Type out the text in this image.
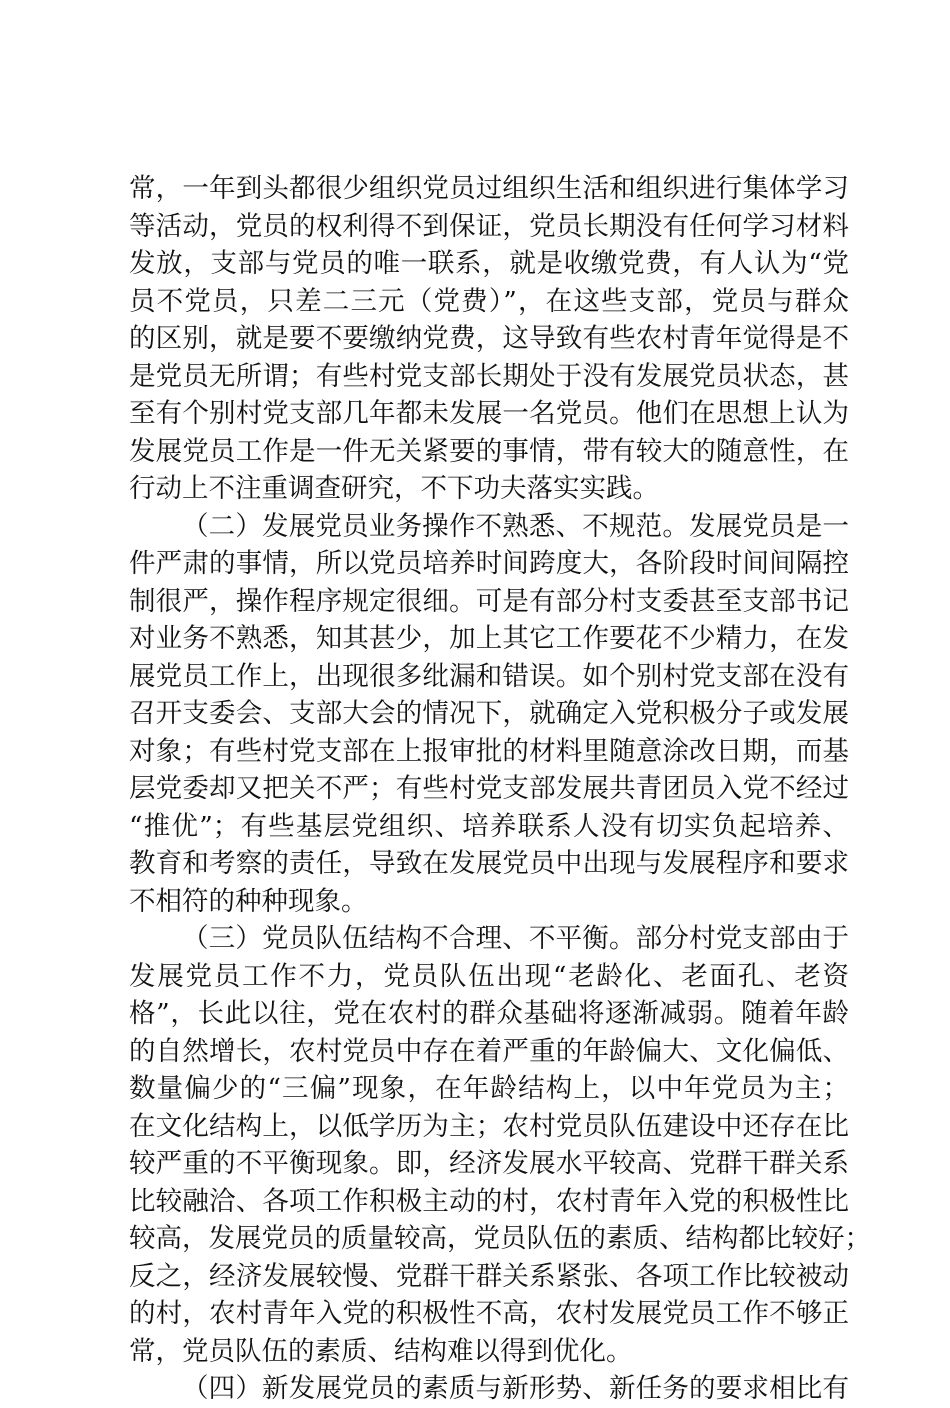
常，一年到头都很少组织党员过组织生活和组织进行集体学习
等活动，党员的权利得不到保证，党员长期没有任何学习材料
发放，支部与党员的唯一联系，就是收缴党费，有人认为“党
员不党员，只差二三元（党费）”，在这些支部，党员与群众
的区别，就是要不要缴纳党费，这导致有些农村青年觉得是不
是党员无所谓；有些村党支部长期处于没有发展党员状态，甚
至有个别村党支部几年都未发展一名党员。他们在思想上认为
发展党员工作是一件无关紧要的事情，带有较大的随意性，在
行动上不注重调查研究，不下功夫落实实践。
（二）发展党员业务操作不熟悉、不规范。发展党员是一
件严肃的事情，所以党员培养时间跨度大，各阶段时间间隔控
制很严，操作程序规定很细。可是有部分村支委甚至支部书记
对业务不熟悉，知其甚少，加上其它工作要花不少精力，在发
展党员工作上，出现很多纰漏和错误。如个别村党支部在没有
召开支委会、支部大会的情况下，就确定入党积极分子或发展
对象；有些村党支部在上报审批的材料里随意涂改日期，而基
层党委却又把关不严；有些村党支部发展共青团员入党不经过
“推优”；有些基层党组织、培养联系人没有切实负起培养、
教育和考察的责任，导致在发展党员中出现与发展程序和要求
不相符的种种现象。
（三）党员队伍结构不合理、不平衡。部分村党支部由于
发展党员工作不力，党员队伍出现“老龄化、老面孔、老资
格”，长此以往，党在农村的群众基础将逐渐减弱。随着年龄
的自然增长，农村党员中存在着严重的年龄偏大、文化偏低、
数量偏少的“三偏”现象，在年龄结构上，以中年党员为主；
在文化结构上，以低学历为主；农村党员队伍建设中还存在比
较严重的不平衡现象。即，经济发展水平较高、党群干群关系
比较融洽、各项工作积极主动的村，农村青年入党的积极性比
较高，发展党员的质量较高，党员队伍的素质、结构都比较好；
反之，经济发展较慢、党群干群关系紧张、各项工作比较被动
的村，农村青年入党的积极性不高，农村发展党员工作不够正
常，党员队伍的素质、结构难以得到优化。
（四）新发展党员的素质与新形势、新任务的要求相比有
